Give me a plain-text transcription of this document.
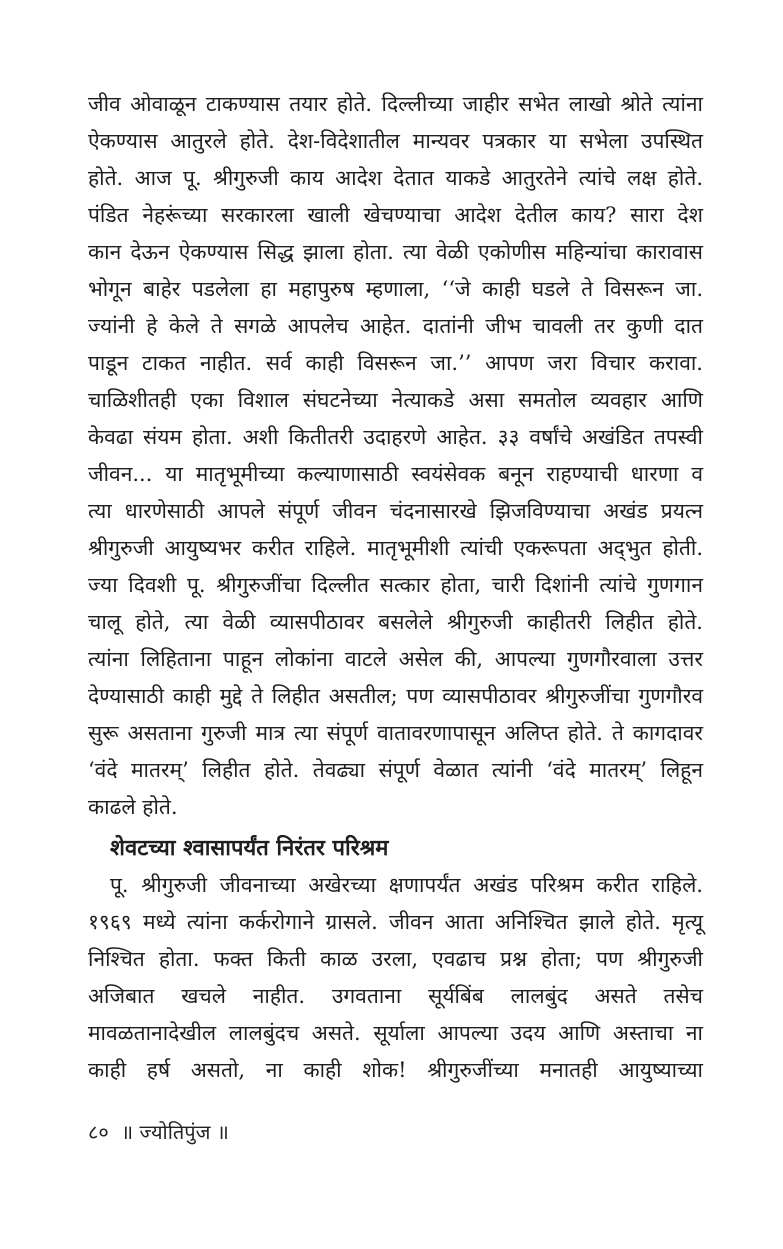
जीव ओवाळून टाकण्यास तयार होते. दिल्लीच्या जाहीर सभेत लाखो श्रोते त्यांना
ऐकण्यास आतुरले होते. देश-विदेशातील मान्यवर पत्रकार या सभेला उपस्थित
होते. आज पू. श्रीगुरुजी काय आदेश देतात याकडे आतुरतेने त्यांचे लक्ष होते.
पंडित नेहरूंच्या सरकारला खाली खेचण्याचा आदेश देतील काय? सारा देश
कान देऊन ऐकण्यास सिद्ध झाला होता. त्या वेळी एकोणीस महिन्यांचा कारावास
भोगून बाहेर पडलेला हा महापुरुष म्हणाला, ‘‘जे काही घडले ते विसरून जा.
ज्यांनी हे केले ते सगळे आपलेच आहेत. दातांनी जीभ चावली तर कुणी दात
पाडून टाकत नाहीत. सर्व काही विसरून जा.’’ आपण जरा विचार करावा.
चाळिशीतही एका विशाल संघटनेच्या नेत्याकडे असा समतोल व्यवहार आणि
केवढा संयम होता. अशी कितीतरी उदाहरणे आहेत. ३३ वर्षांचे अखंडित तपस्वी
जीवन... या मातृभूमीच्या कल्याणासाठी स्वयंसेवक बनून राहण्याची धारणा व
त्या धारणेसाठी आपले संपूर्ण जीवन चंदनासारखे झिजविण्याचा अखंड प्रयत्न
श्रीगुरुजी आयुष्यभर करीत राहिले. मातृभूमीशी त्यांची एकरूपता अद्‌भुत होती.
ज्या दिवशी पू. श्रीगुरुजींचा दिल्लीत सत्कार होता, चारी दिशांनी त्यांचे गुणगान
चालू होते, त्या वेळी व्यासपीठावर बसलेले श्रीगुरुजी काहीतरी लिहीत होते.
त्यांना लिहिताना पाहून लोकांना वाटले असेल की, आपल्या गुणगौरवाला उत्तर
देण्यासाठी काही मुद्दे ते लिहीत असतील; पण व्यासपीठावर श्रीगुरुजींचा गुणगौरव
सुरू असताना गुरुजी मात्र त्या संपूर्ण वातावरणापासून अलिप्त होते. ते कागदावर
‘वंदे मातरम्’ लिहीत होते. तेवढ्या संपूर्ण वेळात त्यांनी ‘वंदे मातरम्’ लिहून
काढले होते.
शेवटच्या श्वासापर्यंत निरंतर परिश्रम
पू. श्रीगुरुजी जीवनाच्या अखेरच्या क्षणापर्यंत अखंड परिश्रम करीत राहिले.
१९६९ मध्ये त्यांना कर्करोगाने ग्रासले. जीवन आता अनिश्चित झाले होते. मृत्यू
निश्चित होता. फक्त किती काळ उरला, एवढाच प्रश्न होता; पण श्रीगुरुजी
अजिबात खचले नाहीत. उगवताना सूर्यबिंब लालबुंद असते तसेच
मावळतानादेखील लालबुंदच असते. सूर्याला आपल्या उदय आणि अस्ताचा ना
काही हर्ष असतो, ना काही शोक! श्रीगुरुजींच्या मनातही आयुष्याच्या
८० ॥ ज्योतिपुंज ॥
